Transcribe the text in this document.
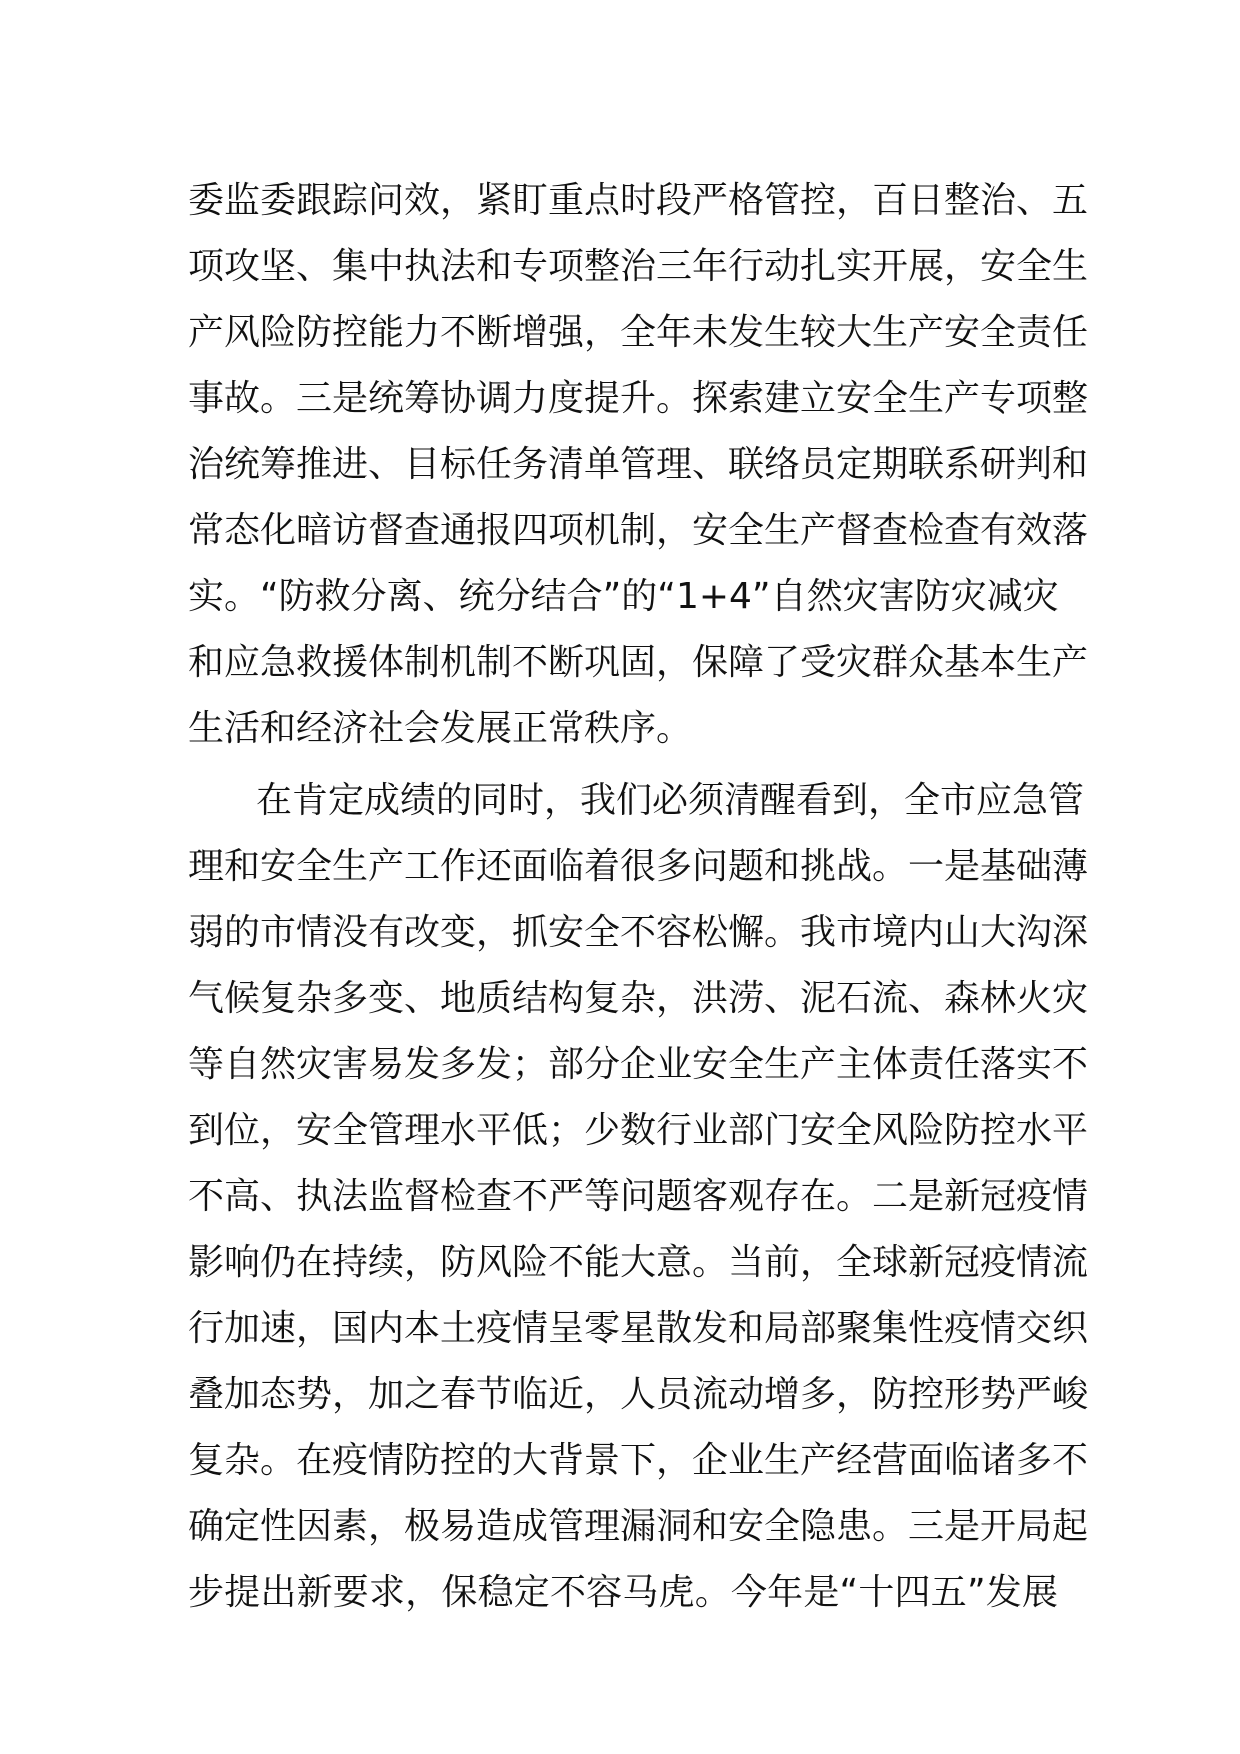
委监委跟踪问效，紧盯重点时段严格管控，百日整治、五
项攻坚、集中执法和专项整治三年行动扎实开展，安全生
产风险防控能力不断增强，全年未发生较大生产安全责任
事故。三是统筹协调力度提升。探索建立安全生产专项整
治统筹推进、目标任务清单管理、联络员定期联系研判和
常态化暗访督查通报四项机制，安全生产督查检查有效落
实。“防救分离、统分结合”的“1+4”自然灾害防灾减灾
和应急救援体制机制不断巩固，保障了受灾群众基本生产
生活和经济社会发展正常秩序。
在肯定成绩的同时，我们必须清醒看到，全市应急管
理和安全生产工作还面临着很多问题和挑战。一是基础薄
弱的市情没有改变，抓安全不容松懈。我市境内山大沟深
气候复杂多变、地质结构复杂，洪涝、泥石流、森林火灾
等自然灾害易发多发；部分企业安全生产主体责任落实不
到位，安全管理水平低；少数行业部门安全风险防控水平
不高、执法监督检查不严等问题客观存在。二是新冠疫情
影响仍在持续，防风险不能大意。当前，全球新冠疫情流
行加速，国内本土疫情呈零星散发和局部聚集性疫情交织
叠加态势，加之春节临近，人员流动增多，防控形势严峻
复杂。在疫情防控的大背景下，企业生产经营面临诸多不
确定性因素，极易造成管理漏洞和安全隐患。三是开局起
步提出新要求，保稳定不容马虎。今年是“十四五”发展
